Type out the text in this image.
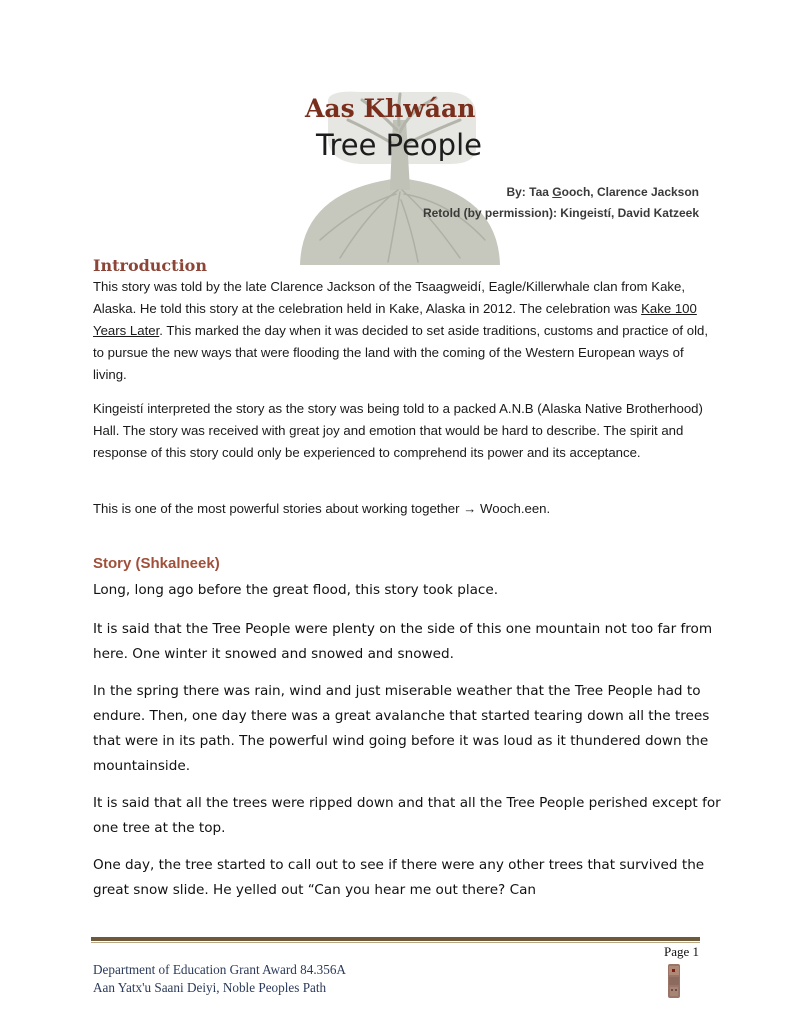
Aas Khwáan
Tree People
By: Taa Gooch, Clarence Jackson
Retold (by permission): Kingeistí, David Katzeek
Introduction
This story was told by the late Clarence Jackson of the Tsaagweidí, Eagle/Killerwhale clan from Kake, Alaska. He told this story at the celebration held in Kake, Alaska in 2012. The celebration was Kake 100 Years Later. This marked the day when it was decided to set aside traditions, customs and practice of old, to pursue the new ways that were flooding the land with the coming of the Western European ways of living.
Kingeistí interpreted the story as the story was being told to a packed A.N.B (Alaska Native Brotherhood) Hall. The story was received with great joy and emotion that would be hard to describe. The spirit and response of this story could only be experienced to comprehend its power and its acceptance.
This is one of the most powerful stories about working together → Wooch.een.
Story (Shkalneek)
Long, long ago before the great flood, this story took place.
It is said that the Tree People were plenty on the side of this one mountain not too far from here. One winter it snowed and snowed and snowed.
In the spring there was rain, wind and just miserable weather that the Tree People had to endure. Then, one day there was a great avalanche that started tearing down all the trees that were in its path. The powerful wind going before it was loud as it thundered down the mountainside.
It is said that all the trees were ripped down and that all the Tree People perished except for one tree at the top.
One day, the tree started to call out to see if there were any other trees that survived the great snow slide. He yelled out “Can you hear me out there? Can
Page 1
Department of Education Grant Award 84.356A
Aan Yatx'u Saani Deiyi, Noble Peoples Path
